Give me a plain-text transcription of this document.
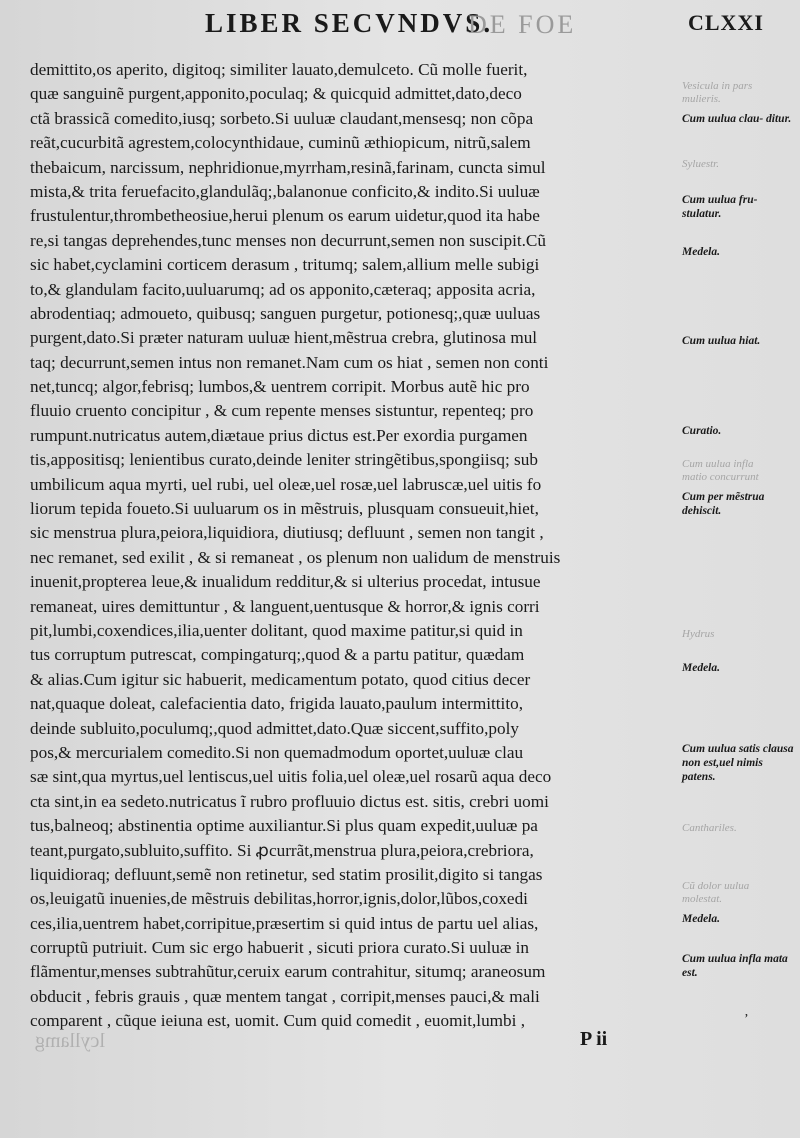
LIBER SECVNDVS.
DE FOE	CLXXI
demittito,os aperito, digitoq; similiter lauato,demulceto. Cũ molle fuerit,
quæ sanguinẽ purgent,apponito,poculaq; & quicquid admittet,dato,deco
ctã brassicã comedito,iusq; sorbeto.Si uuluæ claudant,mensesq; non cõpa
reãt,cucurbitã agrestem,colocynthidaue, cuminũ æthiopicum, nitrũ,salem
thebaicum, narcissum, nephridionue,myrrham,resinã,farinam, cuncta simul
mista,& trita feruefacito,glandulãq;,balanonue conficito,& indito.Si uuluæ
frustulentur,thrombetheosiue,herui plenum os earum uidetur,quod ita habe
re,si tangas deprehendes,tunc menses non decurrunt,semen non suscipit.Cũ
sic habet,cyclamini corticem derasum , tritumq; salem,allium melle subigi
to,& glandulam facito,uuluarumq; ad os apponito,cæteraq; apposita acria,
abrodentiaq; admoueto, quibusq; sanguen purgetur, potionesq;,quæ uuluas
purgent,dato.Si præter naturam uuluæ hient,mẽstrua crebra, glutinosa mul
taq; decurrunt,semen intus non remanet.Nam cum os hiat , semen non conti
net,tuncq; algor,febrisq; lumbos,& uentrem corripit. Morbus autẽ hic pro
fluuio cruento concipitur , & cum repente menses sistuntur, repenteq; pro
rumpunt.nutricatus autem,diætaue prius dictus est.Per exordia purgamen
tis,appositisq; lenientibus curato,deinde leniter stringẽtibus,spongiisq; sub
umbilicum aqua myrti, uel rubi, uel oleæ,uel rosæ,uel labruscæ,uel uitis fo
liorum tepida foueto.Si uuluarum os in mẽstruis, plusquam consueuit,hiet,
sic menstrua plura,peiora,liquidiora, diutiusq; defluunt , semen non tangit ,
nec remanet, sed exilit , & si remaneat , os plenum non ualidum de menstruis
inuenit,propterea leue,& inualidum redditur,& si ulterius procedat, intusue
remaneat, uires demittuntur , & languent,uentusque & horror,& ignis corri
pit,lumbi,coxendices,ilia,uenter dolitant, quod maxime patitur,si quid in
tus corruptum putrescat, compingaturq;,quod & a partu patitur, quædam
& alias.Cum igitur sic habuerit, medicamentum potato, quod citius decer
nat,quaque doleat, calefacientia dato, frigida lauato,paulum intermittito,
deinde subluito,poculumq;,quod admittet,dato.Quæ siccent,suffito,poly
pos,& mercurialem comedito.Si non quemadmodum oportet,uuluæ clau
sæ sint,qua myrtus,uel lentiscus,uel uitis folia,uel oleæ,uel rosarũ aqua deco
cta sint,in ea sedeto.nutricatus ĩ rubro profluuio dictus est. sitis, crebri uomi
tus,balneoq; abstinentia optime auxiliantur.Si plus quam expedit,uuluæ pa
teant,purgato,subluito,suffito. Si ꝓcurrãt,menstrua plura,peiora,crebriora,
liquidioraq; defluunt,semẽ non retinetur, sed statim prosilit,digito si tangas
os,leuigatũ inuenies,de mẽstruis debilitas,horror,ignis,dolor,lũbos,coxedi
ces,ilia,uentrem habet,corripitue,præsertim si quid intus de partu uel alias,
corruptũ putriuit. Cum sic ergo habuerit , sicuti priora curato.Si uuluæ in
flãmentur,menses subtrahũtur,ceruix earum contrahitur, situmq; araneosum
obducit , febris grauis , quæ mentem tangat , corripit,menses pauci,& mali
comparent , cũque ieiuna est, uomit. Cum quid comedit , euomit,lumbi ,
Cum uulua clau- ditur.
Cum uulua fru- stulatur.
Medela.
Cum uulua hiat.
Curatio.
Cum per mẽstrua dehiscit.
Medela.
Cum uulua satis clausa non est,uel nimis patens.
Medela.
Cum uulua infla mata est.
Vesicula in pars
mulieris.
Syluestr.
Cum uulua infla
matio concurrunt
Hydrus
Canthariles.
Cũ dolor uulua
molestat.
lcyllamg	P ii
’
